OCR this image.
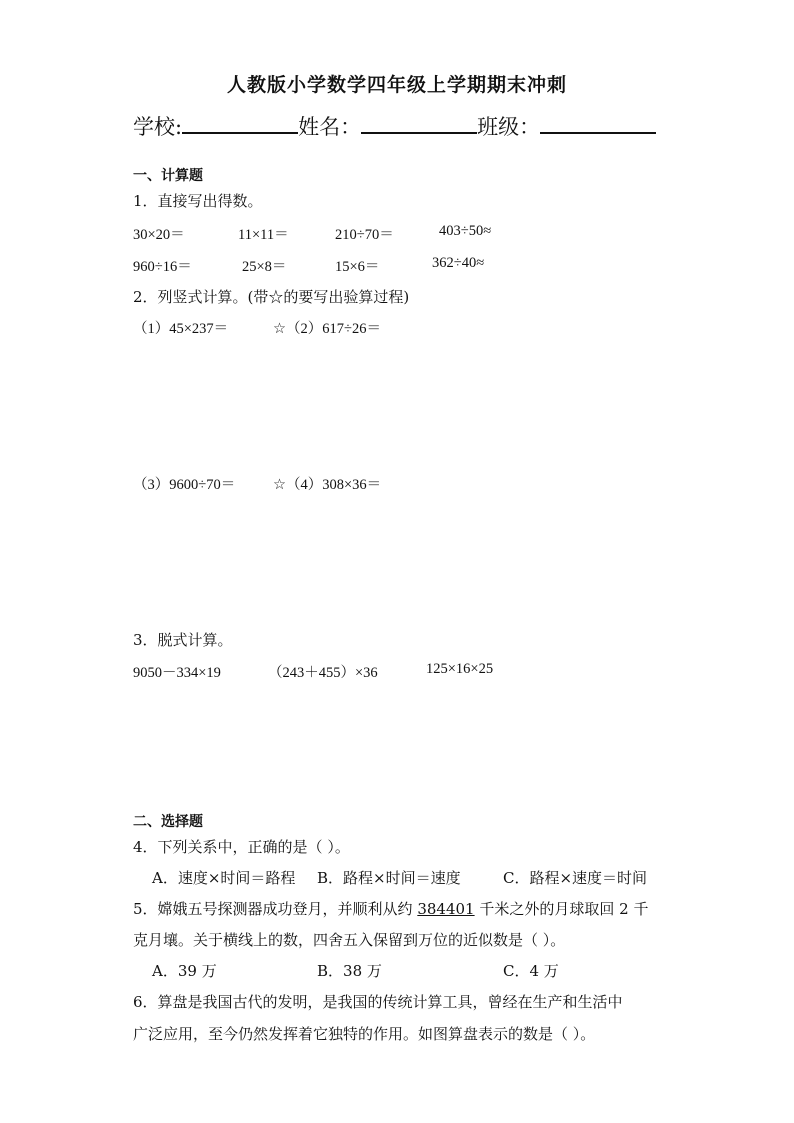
人教版小学数学四年级上学期期末冲刺
学校:	姓名：	班级：
一、计算题
1．直接写出得数。
30×20＝	11×11＝	210÷70＝	403÷50≈
960÷16＝	25×8＝	15×6＝	362÷40≈
2．列竖式计算。(带☆的要写出验算过程)
（1）45×237＝	☆（2）617÷26＝
（3）9600÷70＝	☆（4）308×36＝
3．脱式计算。
9050－334×19	（243＋455）×36	125×16×25
二、选择题
4．下列关系中，正确的是（ ）。
A．速度×时间＝路程 B．路程×时间＝速度	C．路程×速度＝时间
5．嫦娥五号探测器成功登月，并顺利从约 384401 千米之外的月球取回 2 千
克月壤。关于横线上的数，四舍五入保留到万位的近似数是（ ）。
A．39 万	B．38 万	C．4 万
6．算盘是我国古代的发明，是我国的传统计算工具，曾经在生产和生活中
广泛应用，至今仍然发挥着它独特的作用。如图算盘表示的数是（ ）。
